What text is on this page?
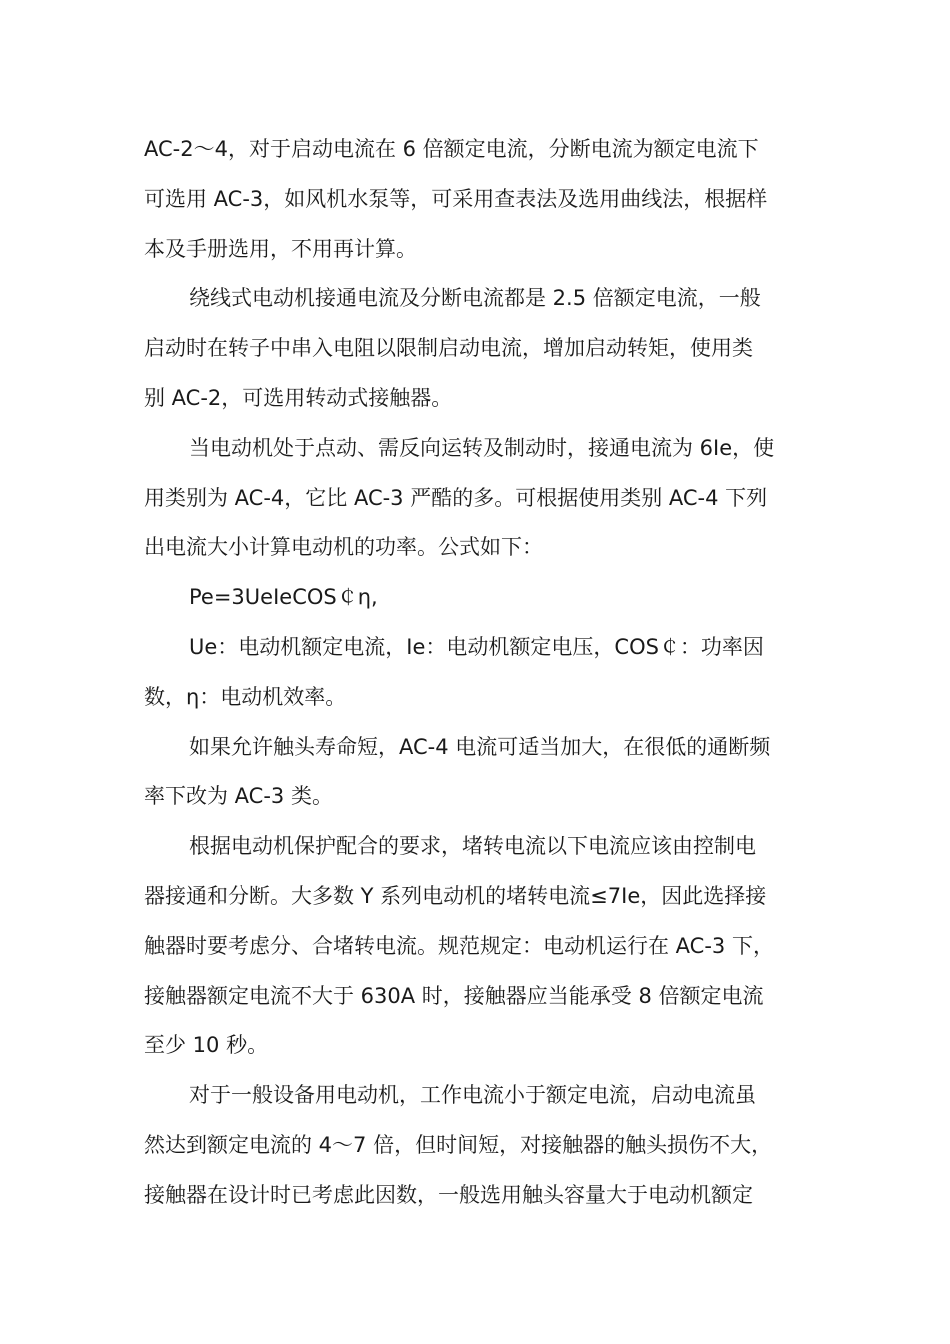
AC-2～4，对于启动电流在 6 倍额定电流，分断电流为额定电流下
可选用 AC-3，如风机水泵等，可采用查表法及选用曲线法，根据样
本及手册选用，不用再计算。

绕线式电动机接通电流及分断电流都是 2.5 倍额定电流，一般
启动时在转子中串入电阻以限制启动电流，增加启动转矩，使用类
别 AC-2，可选用转动式接触器。

当电动机处于点动、需反向运转及制动时，接通电流为 6Ie，使
用类别为 AC-4，它比 AC-3 严酷的多。可根据使用类别 AC-4 下列
出电流大小计算电动机的功率。公式如下：

Pe=3UeIeCOS￠η,

Ue：电动机额定电流，Ie：电动机额定电压，COS￠：功率因
数，η：电动机效率。

如果允许触头寿命短，AC-4 电流可适当加大，在很低的通断频
率下改为 AC-3 类。

根据电动机保护配合的要求，堵转电流以下电流应该由控制电
器接通和分断。大多数 Y 系列电动机的堵转电流≤7Ie，因此选择接
触器时要考虑分、合堵转电流。规范规定：电动机运行在 AC-3 下，
接触器额定电流不大于 630A 时，接触器应当能承受 8 倍额定电流
至少 10 秒。

对于一般设备用电动机，工作电流小于额定电流，启动电流虽
然达到额定电流的 4～7 倍，但时间短，对接触器的触头损伤不大，
接触器在设计时已考虑此因数，一般选用触头容量大于电动机额定
